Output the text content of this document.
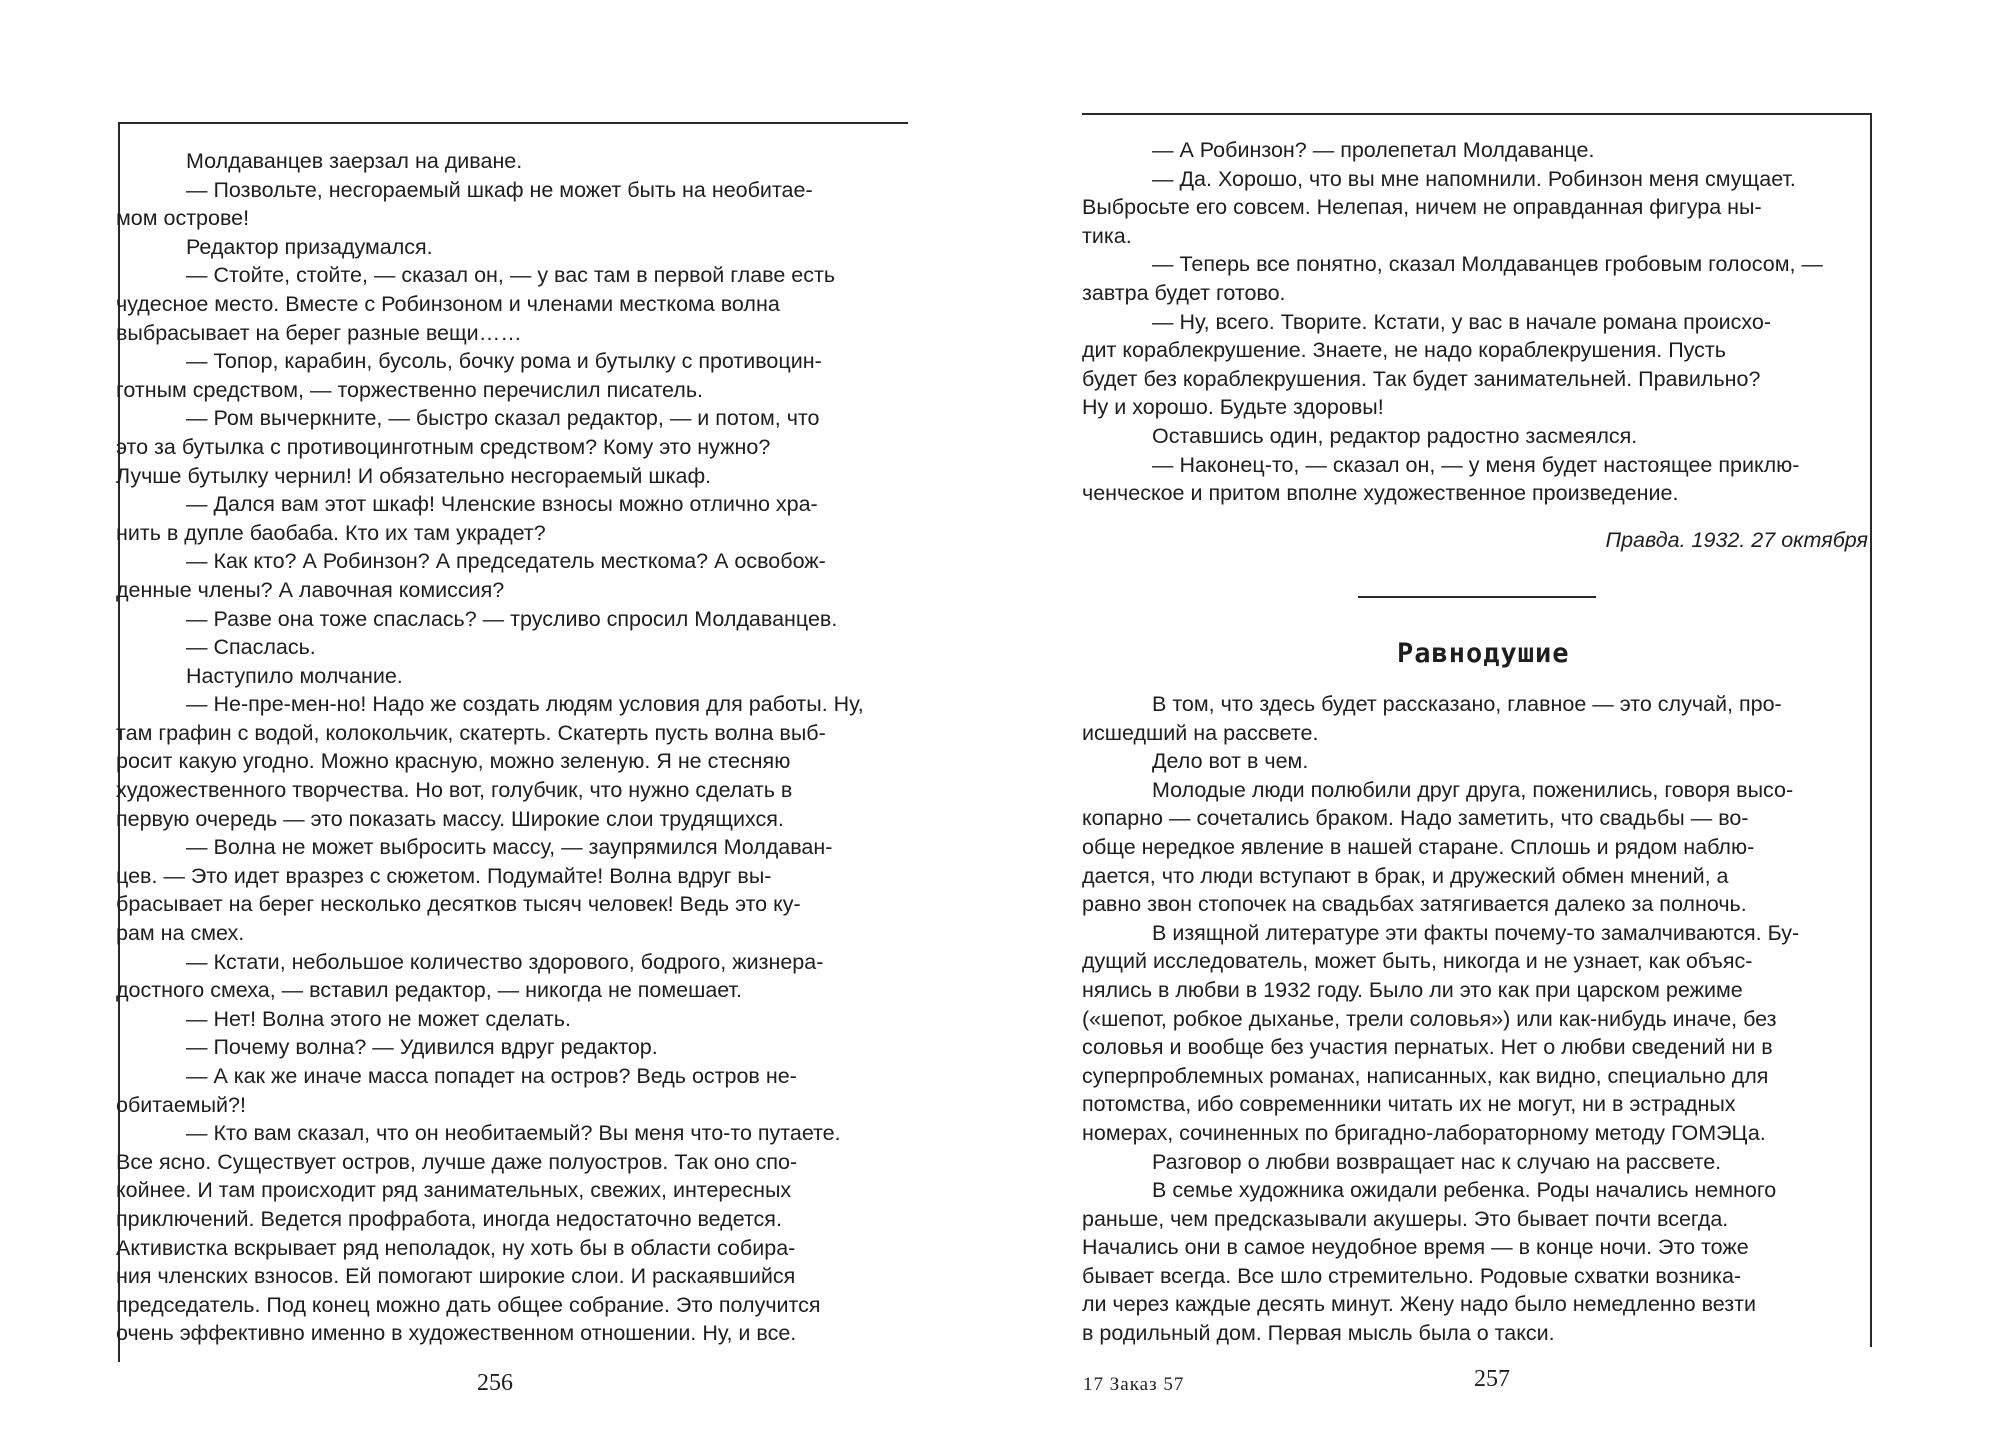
Молдаванцев заерзал на диване.

— Позвольте, несгораемый шкаф не может быть на необитае-

мом острове!

Редактор призадумался.

— Стойте, стойте, — сказал он, — у вас там в первой главе есть

чудесное место. Вместе с Робинзоном и членами месткома волна

выбрасывает на берег разные вещи……

— Топор, карабин, бусоль, бочку рома и бутылку с противоцин-

готным средством, — торжественно перечислил писатель.

— Ром вычеркните, — быстро сказал редактор, — и потом, что

это за бутылка с противоцинготным средством? Кому это нужно?

Лучше бутылку чернил! И обязательно несгораемый шкаф.

— Дался вам этот шкаф! Членские взносы можно отлично хра-

нить в дупле баобаба. Кто их там украдет?

— Как кто? А Робинзон? А председатель месткома? А освобож-

денные члены? А лавочная комиссия?

— Разве она тоже спаслась? — трусливо спросил Молдаванцев.

— Спаслась.

Наступило молчание.

— Не-пре-мен-но! Надо же создать людям условия для работы. Ну,

там графин с водой, колокольчик, скатерть. Скатерть пусть волна выб-

росит какую угодно. Можно красную, можно зеленую. Я не стесняю

художественного творчества. Но вот, голубчик, что нужно сделать в

первую очередь — это показать массу. Широкие слои трудящихся.

— Волна не может выбросить массу, — заупрямился Молдаван-

цев. — Это идет вразрез с сюжетом. Подумайте! Волна вдруг вы-

брасывает на берег несколько десятков тысяч человек! Ведь это ку-

рам на смех.

— Кстати, небольшое количество здорового, бодрого, жизнера-

достного смеха, — вставил редактор, — никогда не помешает.

— Нет! Волна этого не может сделать.

— Почему волна? — Удивился вдруг редактор.

— А как же иначе масса попадет на остров? Ведь остров не-

обитаемый?!

— Кто вам сказал, что он необитаемый? Вы меня что-то путаете.

Все ясно. Существует остров, лучше даже полуостров. Так оно спо-

койнее. И там происходит ряд занимательных, свежих, интересных

приключений. Ведется профработа, иногда недостаточно ведется.

Активистка вскрывает ряд неполадок, ну хоть бы в области собира-

ния членских взносов. Ей помогают широкие слои. И раскаявшийся

председатель. Под конец можно дать общее собрание. Это получится

очень эффективно именно в художественном отношении. Ну, и все.

256

— А Робинзон? — пролепетал Молдаванце.

— Да. Хорошо, что вы мне напомнили. Робинзон меня смущает.

Выбросьте его совсем. Нелепая, ничем не оправданная фигура ны-

тика.

— Теперь все понятно, сказал Молдаванцев гробовым голосом, —

завтра будет готово.

— Ну, всего. Творите. Кстати, у вас в начале романа происхо-

дит кораблекрушение. Знаете, не надо кораблекрушения. Пусть

будет без кораблекрушения. Так будет занимательней. Правильно?

Ну и хорошо. Будьте здоровы!

Оставшись один, редактор радостно засмеялся.

— Наконец-то, — сказал он, — у меня будет настоящее приклю-

ченческое и притом вполне художественное произведение.

Правда. 1932. 27 октября
Равнодушие

В том, что здесь будет рассказано, главное — это случай, про-

исшедший на рассвете.

Дело вот в чем.

Молодые люди полюбили друг друга, поженились, говоря высо-

копарно — сочетались браком. Надо заметить, что свадьбы — во-

обще нередкое явление в нашей старане. Сплошь и рядом наблю-

дается, что люди вступают в брак, и дружеский обмен мнений, а

равно звон стопочек на свадьбах затягивается далеко за полночь.

В изящной литературе эти факты почему-то замалчиваются. Бу-

дущий исследователь, может быть, никогда и не узнает, как объяс-

нялись в любви в 1932 году. Было ли это как при царском режиме

(«шепот, робкое дыханье, трели соловья») или как-нибудь иначе, без

соловья и вообще без участия пернатых. Нет о любви сведений ни в

суперпроблемных романах, написанных, как видно, специально для

потомства, ибо современники читать их не могут, ни в эстрадных

номерах, сочиненных по бригадно-лабораторному методу ГОМЭЦа.

Разговор о любви возвращает нас к случаю на рассвете.

В семье художника ожидали ребенка. Роды начались немного

раньше, чем предсказывали акушеры. Это бывает почти всегда.

Начались они в самое неудобное время — в конце ночи. Это тоже

бывает всегда. Все шло стремительно. Родовые схватки возника-

ли через каждые десять минут. Жену надо было немедленно везти

в родильный дом. Первая мысль была о такси.

17 Заказ 57	257
